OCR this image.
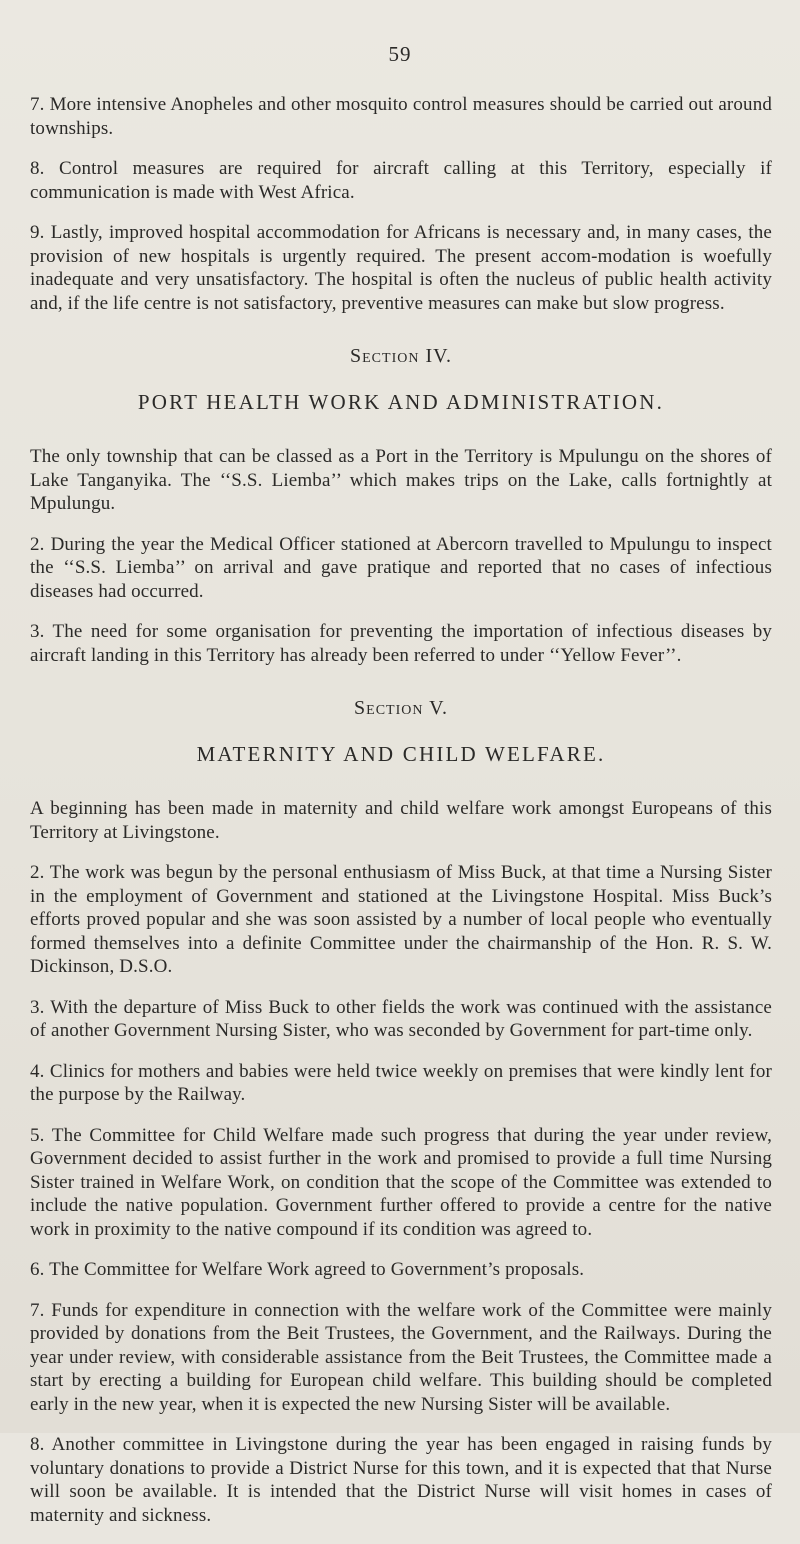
59

7. More intensive Anopheles and other mosquito control measures should be carried out around townships.

8. Control measures are required for aircraft calling at this Territory, especially if communication is made with West Africa.

9. Lastly, improved hospital accommodation for Africans is necessary and, in many cases, the provision of new hospitals is urgently required. The present accom-modation is woefully inadequate and very unsatisfactory. The hospital is often the nucleus of public health activity and, if the life centre is not satisfactory, preventive measures can make but slow progress.

Section IV.
PORT HEALTH WORK AND ADMINISTRATION.

The only township that can be classed as a Port in the Territory is Mpulungu on the shores of Lake Tanganyika. The ‘‘S.S. Liemba’’ which makes trips on the Lake, calls fortnightly at Mpulungu.

2. During the year the Medical Officer stationed at Abercorn travelled to Mpulungu to inspect the ‘‘S.S. Liemba’’ on arrival and gave pratique and reported that no cases of infectious diseases had occurred.

3. The need for some organisation for preventing the importation of infectious diseases by aircraft landing in this Territory has already been referred to under ‘‘Yellow Fever’’.

Section V.
MATERNITY AND CHILD WELFARE.

A beginning has been made in maternity and child welfare work amongst Europeans of this Territory at Livingstone.

2. The work was begun by the personal enthusiasm of Miss Buck, at that time a Nursing Sister in the employment of Government and stationed at the Livingstone Hospital. Miss Buck’s efforts proved popular and she was soon assisted by a number of local people who eventually formed themselves into a definite Committee under the chairmanship of the Hon. R. S. W. Dickinson, D.S.O.

3. With the departure of Miss Buck to other fields the work was continued with the assistance of another Government Nursing Sister, who was seconded by Government for part-time only.

4. Clinics for mothers and babies were held twice weekly on premises that were kindly lent for the purpose by the Railway.

5. The Committee for Child Welfare made such progress that during the year under review, Government decided to assist further in the work and promised to provide a full time Nursing Sister trained in Welfare Work, on condition that the scope of the Committee was extended to include the native population. Government further offered to provide a centre for the native work in proximity to the native compound if its condition was agreed to.

6. The Committee for Welfare Work agreed to Government’s proposals.

7. Funds for expenditure in connection with the welfare work of the Committee were mainly provided by donations from the Beit Trustees, the Government, and the Railways. During the year under review, with considerable assistance from the Beit Trustees, the Committee made a start by erecting a building for European child welfare. This building should be completed early in the new year, when it is expected the new Nursing Sister will be available.

8. Another committee in Livingstone during the year has been engaged in raising funds by voluntary donations to provide a District Nurse for this town, and it is expected that that Nurse will soon be available. It is intended that the District Nurse will visit homes in cases of maternity and sickness.
